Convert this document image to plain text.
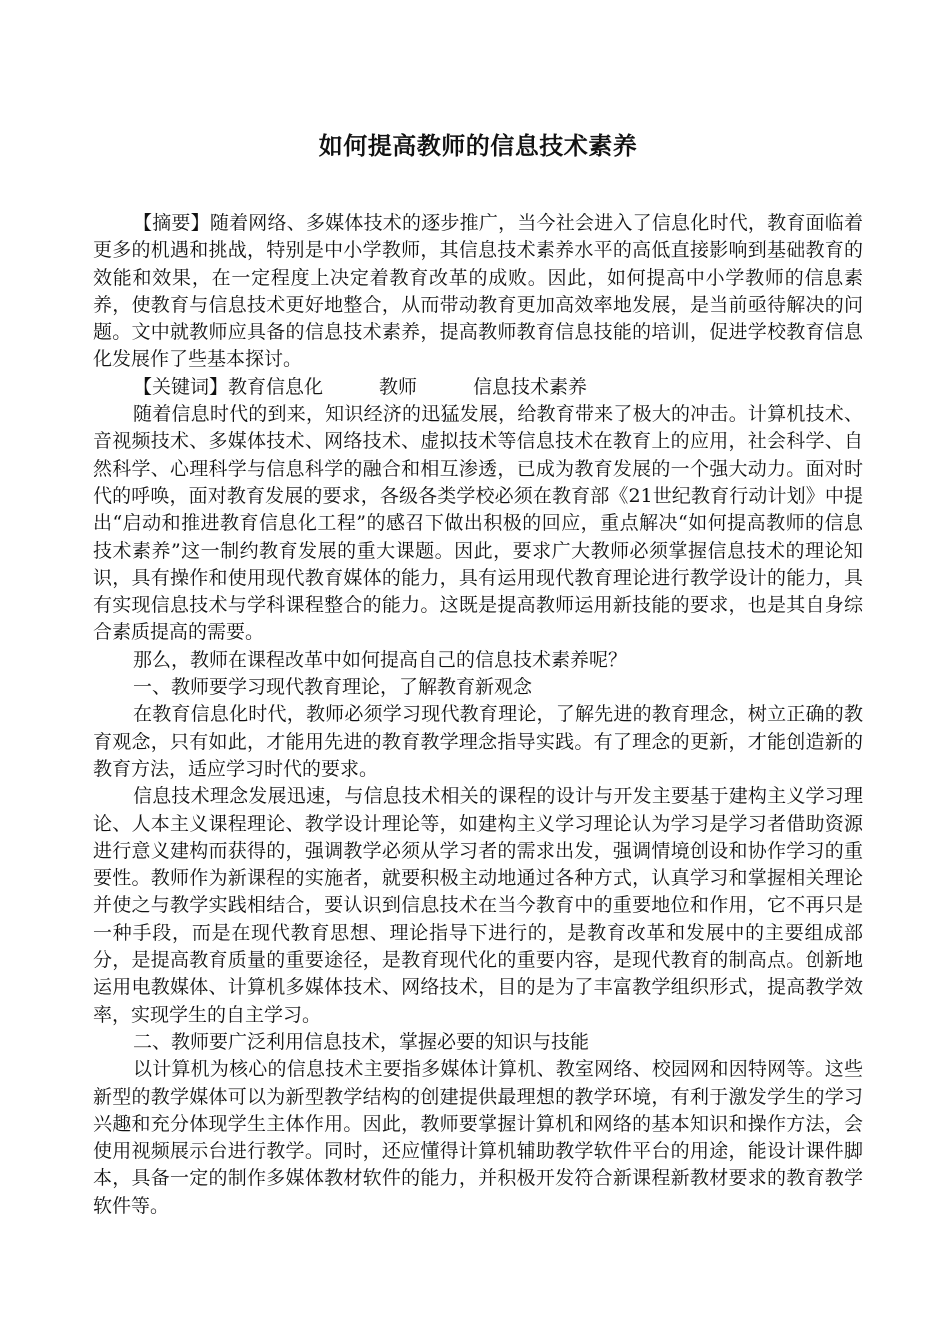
如何提高教师的信息技术素养

【摘要】随着网络、多媒体技术的逐步推广，当今社会进入了信息化时代，教育面临着更多的机遇和挑战，特别是中小学教师，其信息技术素养水平的高低直接影响到基础教育的效能和效果，在一定程度上决定着教育改革的成败。因此，如何提高中小学教师的信息素养，使教育与信息技术更好地整合，从而带动教育更加高效率地发展，是当前亟待解决的问题。文中就教师应具备的信息技术素养，提高教师教育信息技能的培训，促进学校教育信息化发展作了些基本探讨。

【关键词】教育信息化	教师	信息技术素养

随着信息时代的到来，知识经济的迅猛发展，给教育带来了极大的冲击。计算机技术、音视频技术、多媒体技术、网络技术、虚拟技术等信息技术在教育上的应用，社会科学、自然科学、心理科学与信息科学的融合和相互渗透，已成为教育发展的一个强大动力。面对时代的呼唤，面对教育发展的要求，各级各类学校必须在教育部《21世纪教育行动计划》中提出“启动和推进教育信息化工程”的感召下做出积极的回应，重点解决“如何提高教师的信息技术素养”这一制约教育发展的重大课题。因此，要求广大教师必须掌握信息技术的理论知识，具有操作和使用现代教育媒体的能力，具有运用现代教育理论进行教学设计的能力，具有实现信息技术与学科课程整合的能力。这既是提高教师运用新技能的要求，也是其自身综合素质提高的需要。

那么，教师在课程改革中如何提高自己的信息技术素养呢？

一、教师要学习现代教育理论，了解教育新观念

在教育信息化时代，教师必须学习现代教育理论，了解先进的教育理念，树立正确的教育观念，只有如此，才能用先进的教育教学理念指导实践。有了理念的更新，才能创造新的教育方法，适应学习时代的要求。

信息技术理念发展迅速，与信息技术相关的课程的设计与开发主要基于建构主义学习理论、人本主义课程理论、教学设计理论等，如建构主义学习理论认为学习是学习者借助资源进行意义建构而获得的，强调教学必须从学习者的需求出发，强调情境创设和协作学习的重要性。教师作为新课程的实施者，就要积极主动地通过各种方式，认真学习和掌握相关理论并使之与教学实践相结合，要认识到信息技术在当今教育中的重要地位和作用，它不再只是一种手段，而是在现代教育思想、理论指导下进行的，是教育改革和发展中的主要组成部分，是提高教育质量的重要途径，是教育现代化的重要内容，是现代教育的制高点。创新地运用电教媒体、计算机多媒体技术、网络技术，目的是为了丰富教学组织形式，提高教学效率，实现学生的自主学习。

二、教师要广泛利用信息技术，掌握必要的知识与技能

以计算机为核心的信息技术主要指多媒体计算机、教室网络、校园网和因特网等。这些新型的教学媒体可以为新型教学结构的创建提供最理想的教学环境，有利于激发学生的学习兴趣和充分体现学生主体作用。因此，教师要掌握计算机和网络的基本知识和操作方法，会使用视频展示台进行教学。同时，还应懂得计算机辅助教学软件平台的用途，能设计课件脚本，具备一定的制作多媒体教材软件的能力，并积极开发符合新课程新教材要求的教育教学软件等。
